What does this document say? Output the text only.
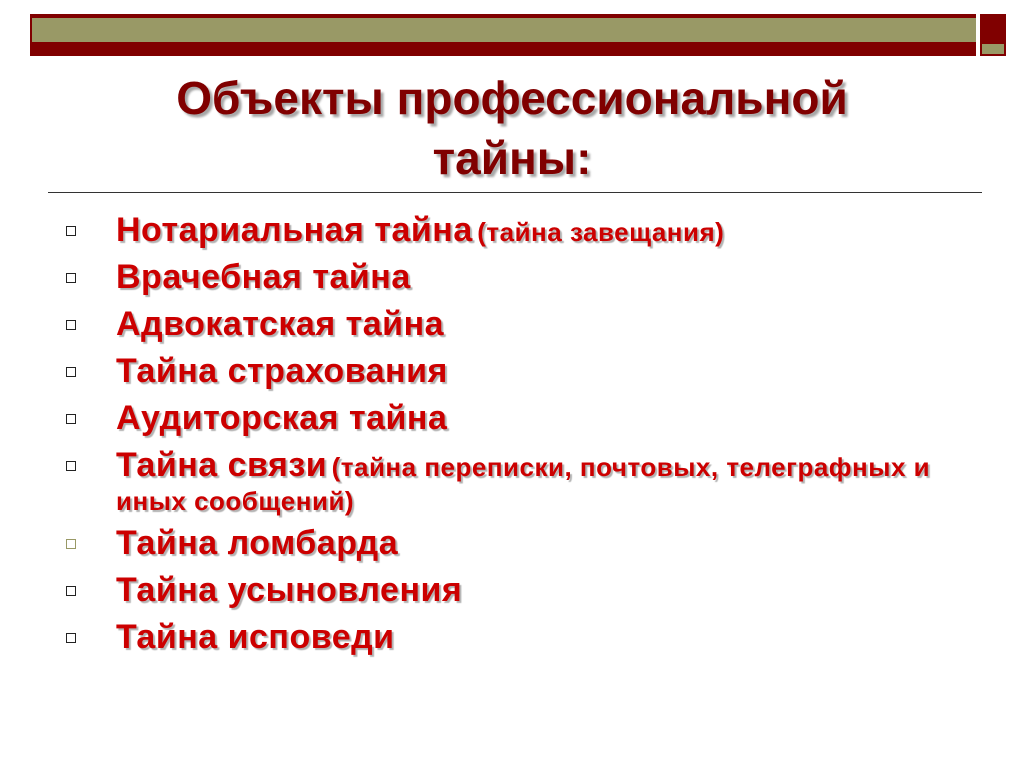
Объекты профессиональной
тайны:
Нотариальная тайна (тайна завещания)
Врачебная тайна
Адвокатская тайна
Тайна страхования
Аудиторская тайна
Тайна связи (тайна переписки, почтовых, телеграфных и иных сообщений)
Тайна ломбарда
Тайна усыновления
Тайна исповеди
